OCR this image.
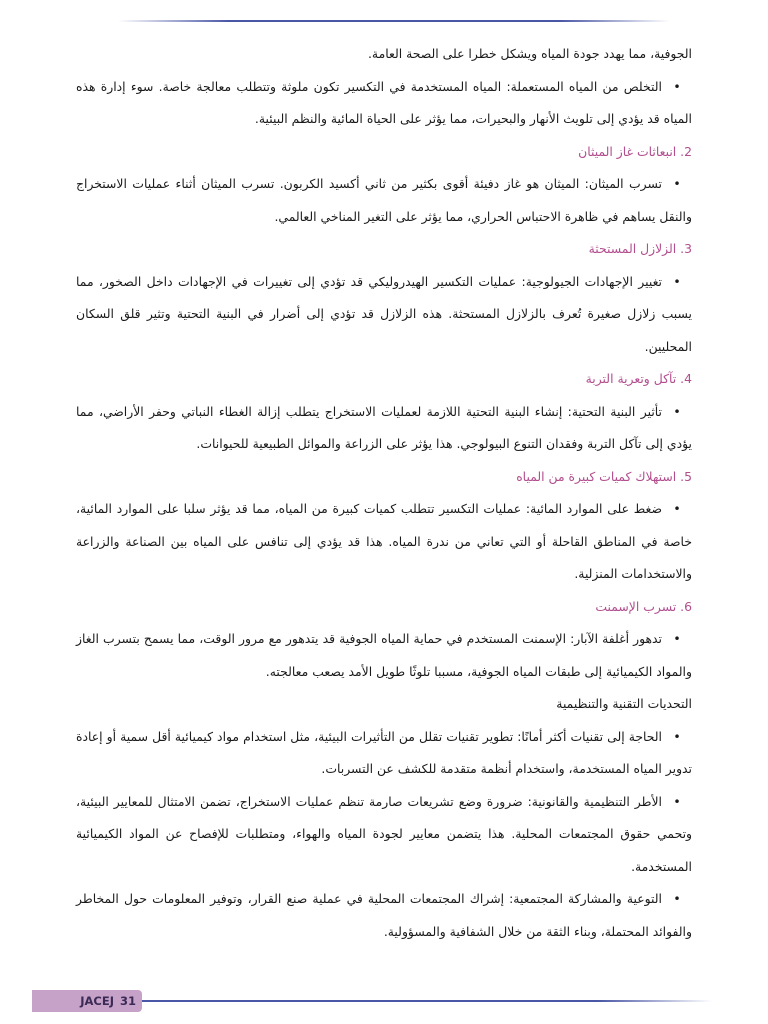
الجوفية، مما يهدد جودة المياه ويشكل خطرا على الصحة العامة.

• التخلص من المياه المستعملة: المياه المستخدمة في التكسير تكون ملوثة وتتطلب معالجة خاصة. سوء إدارة هذه المياه قد يؤدي إلى تلويث الأنهار والبحيرات، مما يؤثر على الحياة المائية والنظم البيئية.

2. انبعاثات غاز الميثان

• تسرب الميثان: الميثان هو غاز دفيئة أقوى بكثير من ثاني أكسيد الكربون. تسرب الميثان أثناء عمليات الاستخراج والنقل يساهم في ظاهرة الاحتباس الحراري، مما يؤثر على التغير المناخي العالمي.

3. الزلازل المستحثة

• تغيير الإجهادات الجيولوجية: عمليات التكسير الهيدروليكي قد تؤدي إلى تغييرات في الإجهادات داخل الصخور، مما يسبب زلازل صغيرة تُعرف بالزلازل المستحثة. هذه الزلازل قد تؤدي إلى أضرار في البنية التحتية وتثير قلق السكان المحليين.

4. تآكل وتعرية التربة

• تأثير البنية التحتية: إنشاء البنية التحتية اللازمة لعمليات الاستخراج يتطلب إزالة الغطاء النباتي وحفر الأراضي، مما يؤدي إلى تآكل التربة وفقدان التنوع البيولوجي. هذا يؤثر على الزراعة والموائل الطبيعية للحيوانات.

5. استهلاك كميات كبيرة من المياه

• ضغط على الموارد المائية: عمليات التكسير تتطلب كميات كبيرة من المياه، مما قد يؤثر سلبا على الموارد المائية، خاصة في المناطق القاحلة أو التي تعاني من ندرة المياه. هذا قد يؤدي إلى تنافس على المياه بين الصناعة والزراعة والاستخدامات المنزلية.

6. تسرب الإسمنت

• تدهور أغلفة الآبار: الإسمنت المستخدم في حماية المياه الجوفية قد يتدهور مع مرور الوقت، مما يسمح بتسرب الغاز والمواد الكيميائية إلى طبقات المياه الجوفية، مسببا تلوثًا طويل الأمد يصعب معالجته.

التحديات التقنية والتنظيمية

• الحاجة إلى تقنيات أكثر أمانًا: تطوير تقنيات تقلل من التأثيرات البيئية، مثل استخدام مواد كيميائية أقل سمية أو إعادة تدوير المياه المستخدمة، واستخدام أنظمة متقدمة للكشف عن التسربات.

• الأطر التنظيمية والقانونية: ضرورة وضع تشريعات صارمة تنظم عمليات الاستخراج، تضمن الامتثال للمعايير البيئية، وتحمي حقوق المجتمعات المحلية. هذا يتضمن معايير لجودة المياه والهواء، ومتطلبات للإفصاح عن المواد الكيميائية المستخدمة.

• التوعية والمشاركة المجتمعية: إشراك المجتمعات المحلية في عملية صنع القرار، وتوفير المعلومات حول المخاطر والفوائد المحتملة، وبناء الثقة من خلال الشفافية والمسؤولية.

JACEJ 31
